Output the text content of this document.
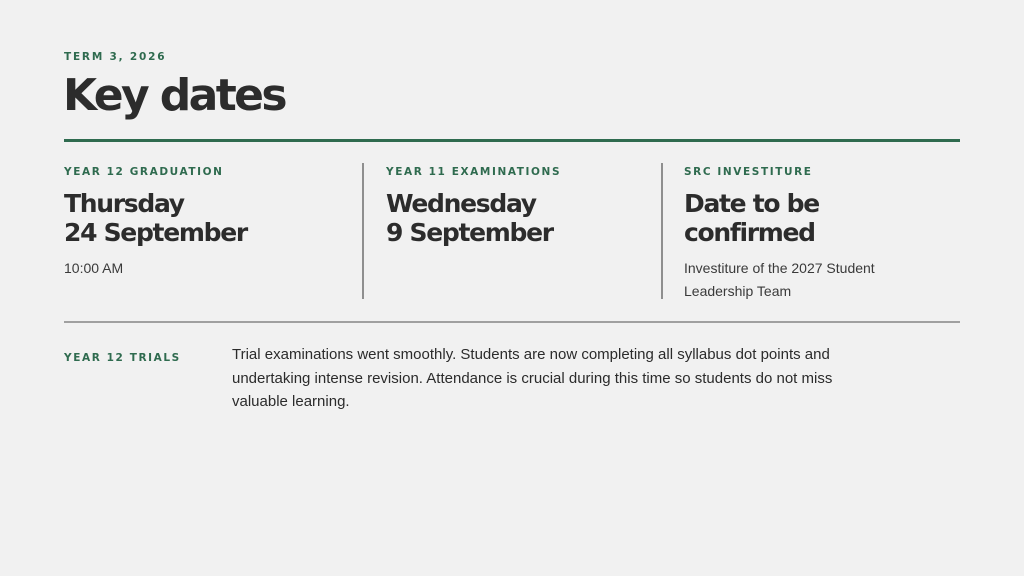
TERM 3, 2026
Key dates
YEAR 12 GRADUATION
Thursday
24 September
10:00 AM
YEAR 11 EXAMINATIONS
Wednesday
9 September
SRC INVESTITURE
Date to be
confirmed
Investiture of the 2027 Student
Leadership Team
YEAR 12 TRIALS	Trial examinations went smoothly. Students are now completing all syllabus dot points and undertaking intense revision. Attendance is crucial during this time so students do not miss valuable learning.
